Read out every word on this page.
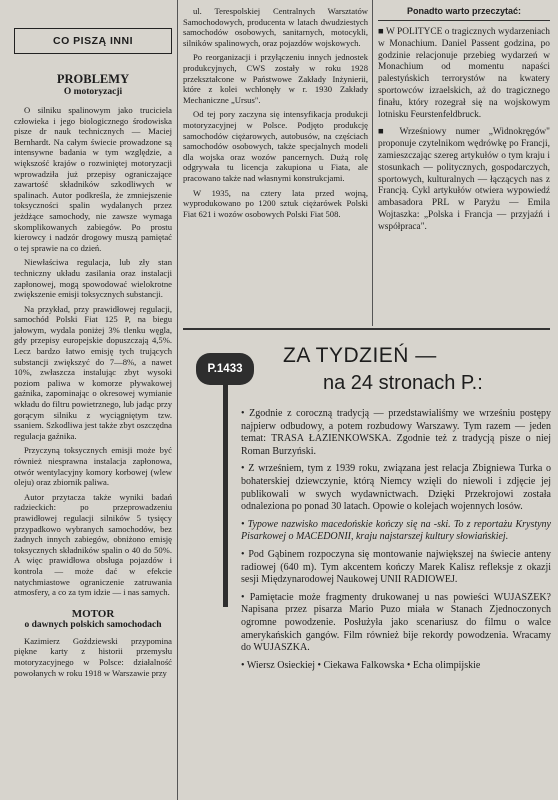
CO PISZĄ INNI
PROBLEMY
O motoryzacji

O silniku spalinowym jako truciciela człowieka i jego biologicznego środowiska pisze dr nauk technicznych — Maciej Bernhardt. Na całym świecie prowadzone są intensywne badania w tym względzie, a większość krajów o rozwiniętej motoryzacji wprowadziła już przepisy ograniczające zawartość składników szkodliwych w spalinach. Autor podkreśla, że zmniejszenie toksyczności spalin wydalanych przez jeżdżące samochody, nie zawsze wymaga skomplikowanych zabiegów. Po prostu kierowcy i nadzór drogowy muszą pamiętać o tej sprawie na co dzień.

Niewłaściwa regulacja, lub zły stan techniczny układu zasilania oraz instalacji zapłonowej, mogą spowodować wielokrotne zwiększenie emisji toksycznych substancji.

Na przykład, przy prawidłowej regulacji, samochód Polski Fiat 125 P, na biegu jałowym, wydala poniżej 3% tlenku węgla, gdy przepisy europejskie dopuszczają 4,5%. Lecz bardzo łatwo emisję tych trujących substancji zwiększyć do 7—8%, a nawet 10%, zwłaszcza instalując zbyt wysoki poziom paliwa w komorze pływakowej gaźnika, zapominając o okresowej wymianie wkładu do filtru powietrznego, lub jadąc przy gorącym silniku z wyciągniętym tzw. ssaniem. Szkodliwa jest także zbyt oszczędna regulacja gaźnika.

Przyczyną toksycznych emisji może być również niesprawna instalacja zapłonowa, otwór wentylacyjny komory korbowej (wlew oleju) oraz zbiornik paliwa.

Autor przytacza także wyniki badań radzieckich: po przeprowadzeniu prawidłowej regulacji silników 5 tysięcy przypadkowo wybranych samochodów, bez żadnych innych zabiegów, obniżono emisję toksycznych składników spalin o 40 do 50%. A więc prawidłowa obsługa pojazdów i kontrola — może dać w efekcie natychmiastowe ograniczenie zatruwania atmosfery, a co za tym idzie — i nas samych.

MOTOR
o dawnych polskich samochodach

Kazimierz Goździewski przypomina piękne karty z historii przemysłu motoryzacyjnego w Polsce: działalność powołanych w roku 1918 w Warszawie przy

ul. Terespolskiej Centralnych Warsztatów Samochodowych, producenta w latach dwudziestych samochodów osobowych, sanitarnych, motocykli, silników spalinowych, oraz pojazdów wojskowych.

Po reorganizacji i przyłączeniu innych jednostek produkcyjnych, CWS zostały w roku 1928 przekształcone w Państwowe Zakłady Inżynierii, które z kolei wchłonęły w r. 1930 Zakłady Mechaniczne „Ursus".

Od tej pory zaczyna się intensyfikacja produkcji motoryzacyjnej w Polsce. Podjęto produkcję samochodów ciężarowych, autobusów, na częściach samochodów osobowych, także specjalnych modeli dla wojska oraz wozów pancernych. Dużą rolę odgrywała tu licencja zakupiona u Fiata, ale pracowano także nad własnymi konstrukcjami.

W 1935, na cztery lata przed wojną, wyprodukowano po 1200 sztuk ciężarówek Polski Fiat 621 i wozów osobowych Polski Fiat 508.

Ponadto warto przeczytać:

■ W POLITYCE o tragicznych wydarzeniach w Monachium. Daniel Passent godzina, po godzinie relacjonuje przebieg wydarzeń w Monachium od momentu napaści palestyńskich terrorystów na kwatery sportowców izraelskich, aż do tragicznego finału, który rozegrał się na wojskowym lotnisku Feurstenfeldbruck.

■ Wrześniowy numer „Widnokręgów" proponuje czytelnikom wędrówkę po Francji, zamieszczając szereg artykułów o tym kraju i stosunkach — politycznych, gospodarczych, sportowych, kulturalnych — łączących nas z Francją. Cykl artykułów otwiera wypowiedź ambasadora PRL w Paryżu — Emila Wojtaszka: „Polska i Francja — przyjaźń i współpraca".

P.1433
ZA TYDZIEŃ —
na 24 stronach P.:

• Zgodnie z coroczną tradycją — przedstawialiśmy we wrześniu postępy najpierw odbudowy, a potem rozbudowy Warszawy. Tym razem — jeden temat: TRASA ŁAZIENKOWSKA. Zgodnie też z tradycją pisze o niej Roman Burzyński.

• Z wrześniem, tym z 1939 roku, związana jest relacja Zbigniewa Turka o bohaterskiej dziewczynie, którą Niemcy wzięli do niewoli i zdjęcie jej publikowali w swych wydawnictwach. Dzięki Przekrojowi została odnaleziona po ponad 30 latach. Opowie o kolejach wojennych losów.

• Typowe nazwisko macedońskie kończy się na -ski. To z reportażu Krystyny Pisarkowej o MACEDONII, kraju najstarszej kultury słowiańskiej.

• Pod Gąbinem rozpoczyna się montowanie największej na świecie anteny radiowej (640 m). Tym akcentem kończy Marek Kalisz refleksje z okazji sesji Międzynarodowej Naukowej UNII RADIOWEJ.

• Pamiętacie może fragmenty drukowanej u nas powieści WUJASZEK? Napisana przez pisarza Mario Puzo miała w Stanach Zjednoczonych ogromne powodzenie. Posłużyła jako scenariusz do filmu o walce amerykańskich gangów. Film również bije rekordy powodzenia. Wracamy do WUJASZKA.

• Wiersz Osieckiej • Ciekawa Falkowska • Echa olimpijskie
